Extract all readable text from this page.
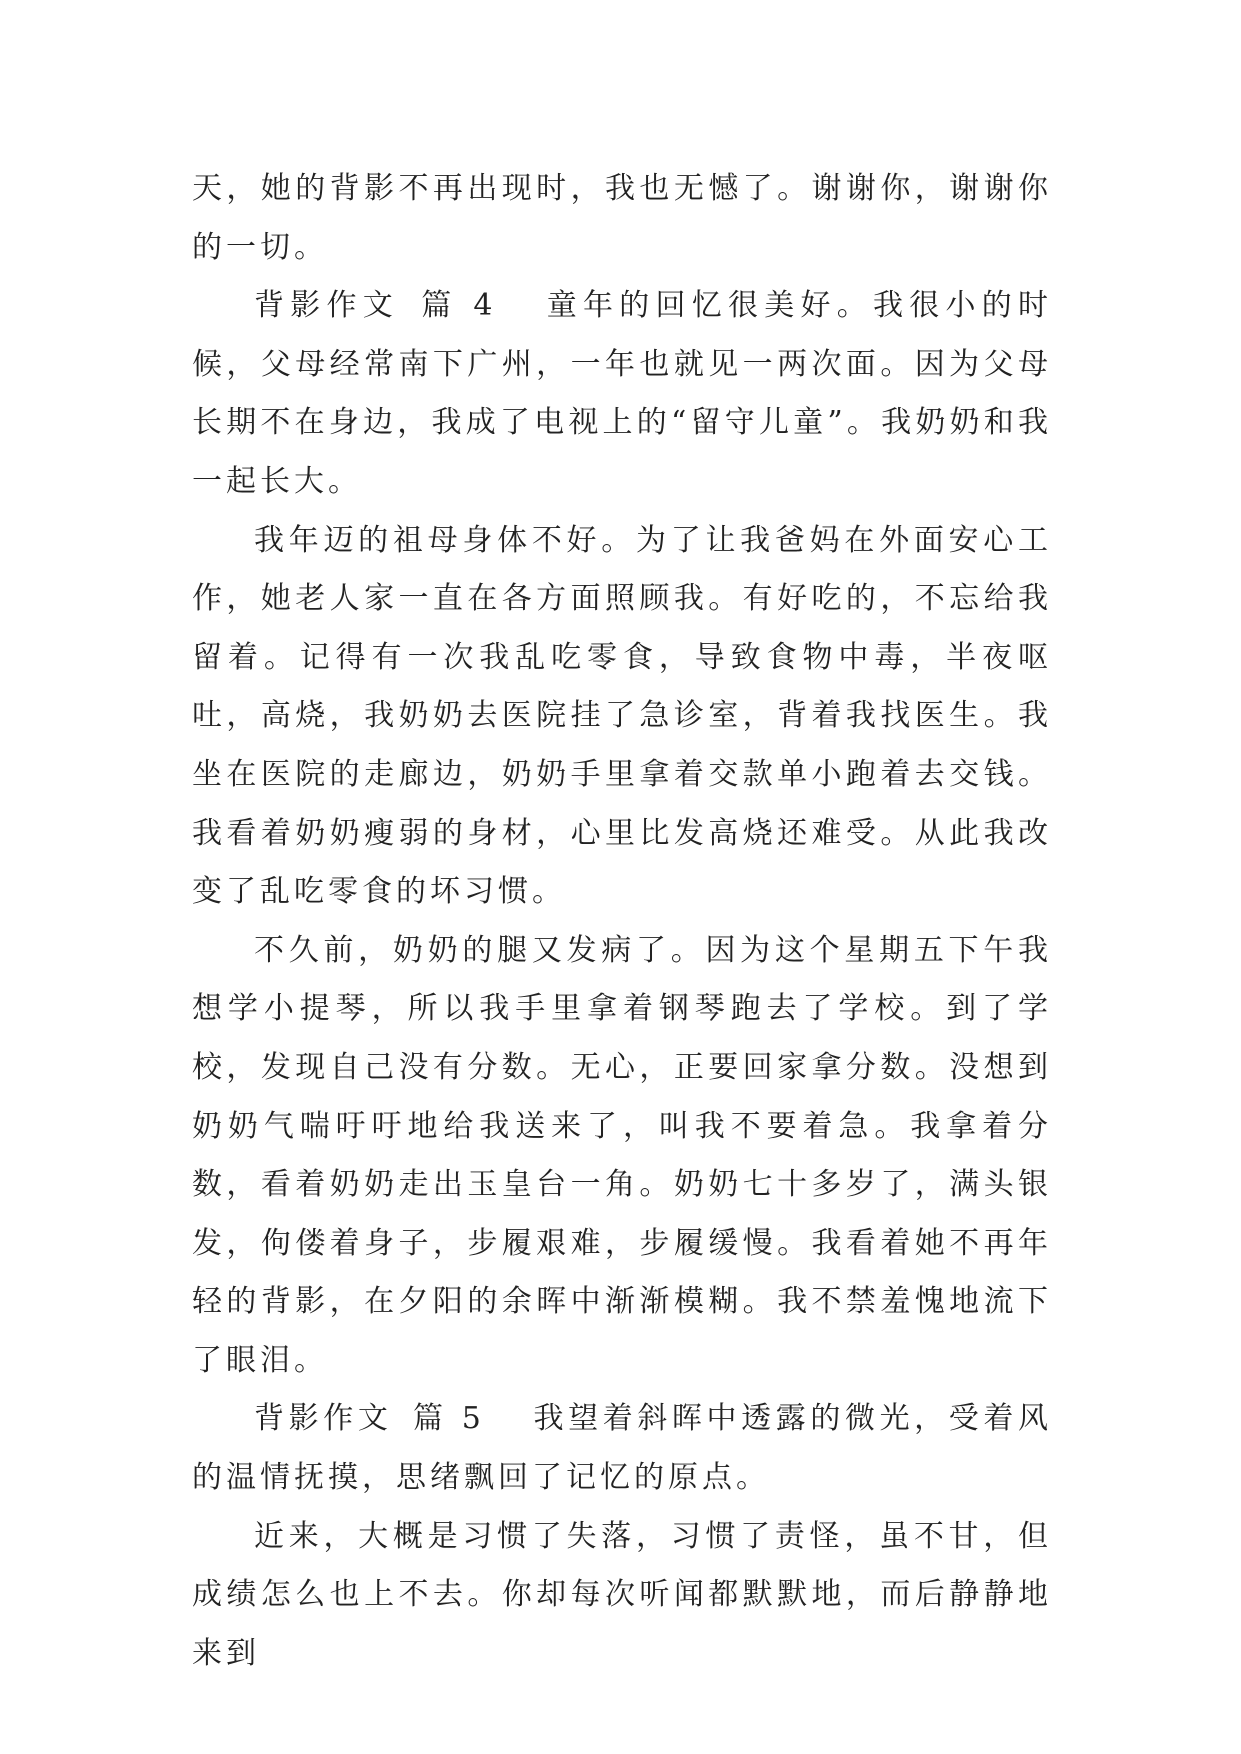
天，她的背影不再出现时，我也无憾了。谢谢你，谢谢你的一切。

背影作文 篇 4 童年的回忆很美好。我很小的时候，父母经常南下广州，一年也就见一两次面。因为父母长期不在身边，我成了电视上的“留守儿童”。我奶奶和我一起长大。

我年迈的祖母身体不好。为了让我爸妈在外面安心工作，她老人家一直在各方面照顾我。有好吃的，不忘给我留着。记得有一次我乱吃零食，导致食物中毒，半夜呕吐，高烧，我奶奶去医院挂了急诊室，背着我找医生。我坐在医院的走廊边，奶奶手里拿着交款单小跑着去交钱。我看着奶奶瘦弱的身材，心里比发高烧还难受。从此我改变了乱吃零食的坏习惯。

不久前，奶奶的腿又发病了。因为这个星期五下午我想学小提琴，所以我手里拿着钢琴跑去了学校。到了学校，发现自己没有分数。无心，正要回家拿分数。没想到奶奶气喘吁吁地给我送来了，叫我不要着急。我拿着分数，看着奶奶走出玉皇台一角。奶奶七十多岁了，满头银发，佝偻着身子，步履艰难，步履缓慢。我看着她不再年轻的背影，在夕阳的余晖中渐渐模糊。我不禁羞愧地流下了眼泪。

背影作文 篇 5 我望着斜晖中透露的微光，受着风的温情抚摸，思绪飘回了记忆的原点。

近来，大概是习惯了失落，习惯了责怪，虽不甘，但成绩怎么也上不去。你却每次听闻都默默地，而后静静地来到
